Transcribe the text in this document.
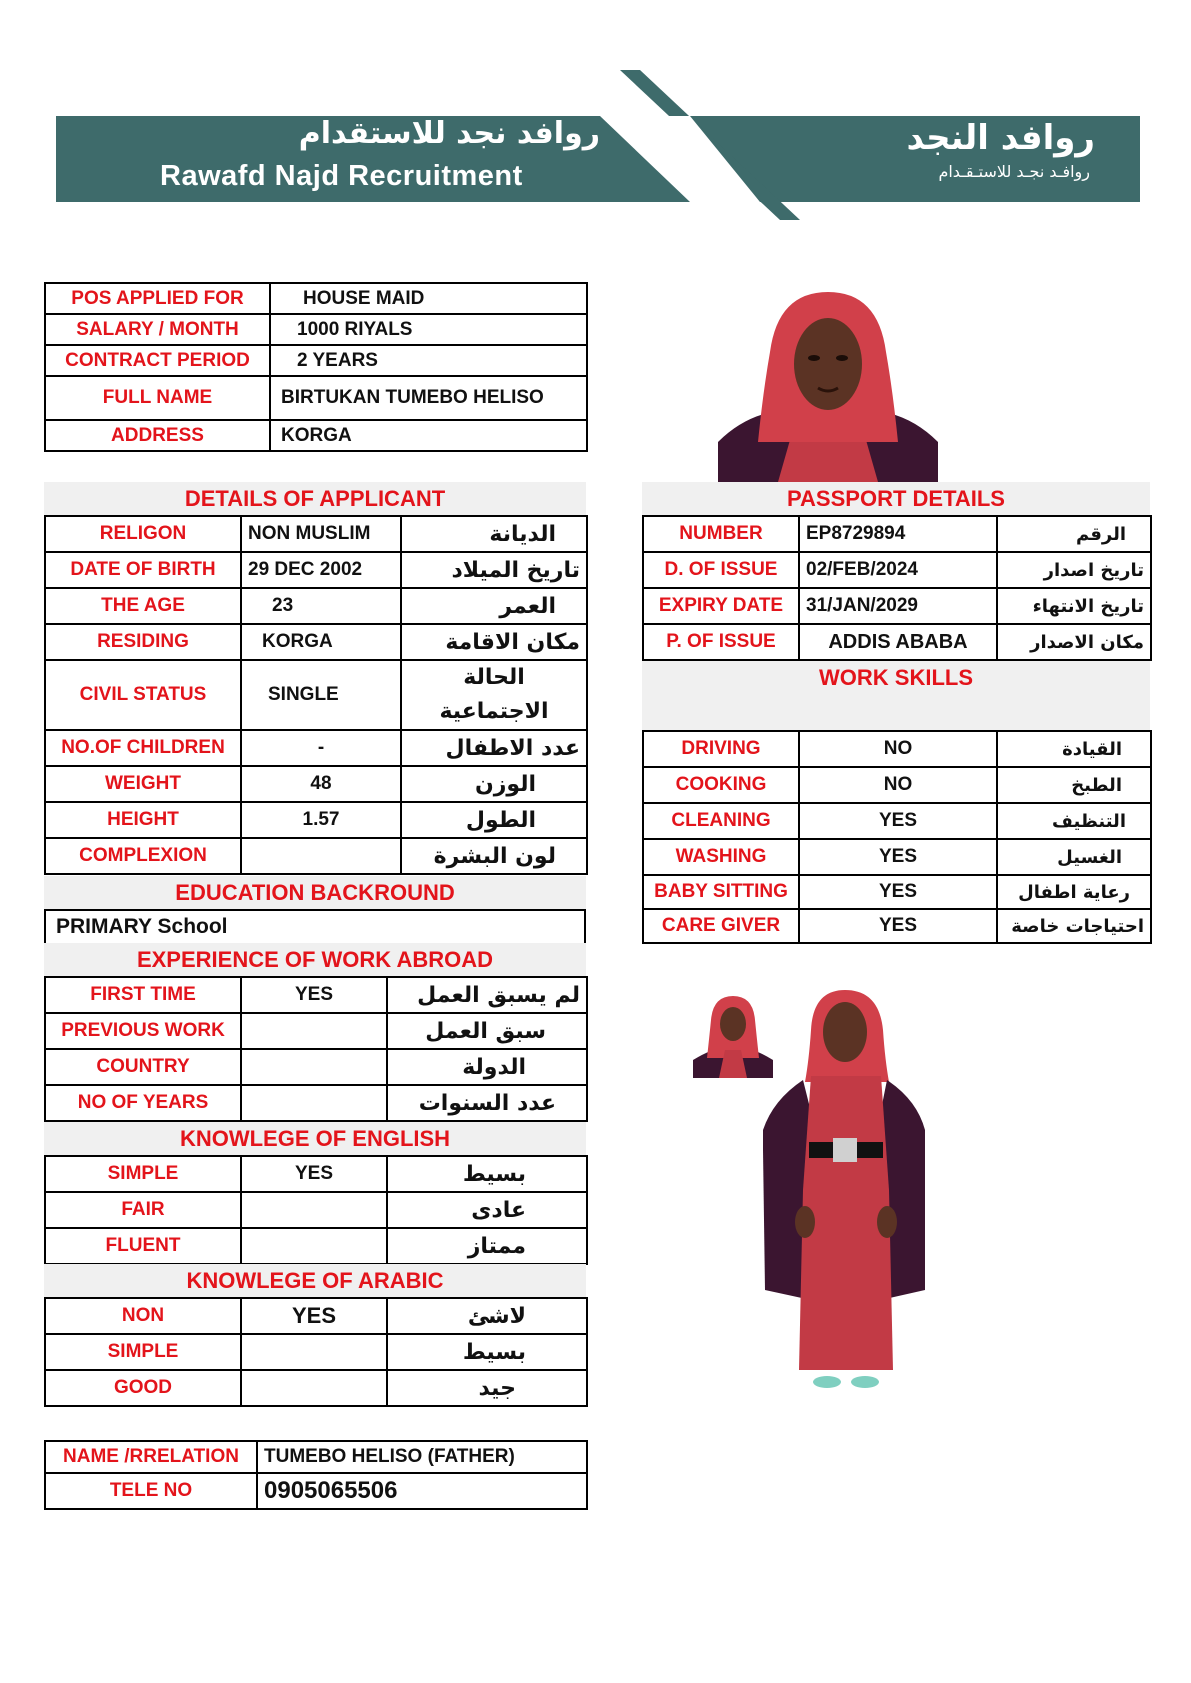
روافد نجد للاستقدام
Rawafd Najd Recruitment
روافد النجد
روافـد نجـد للاستـقـدام
POS APPLIED FOR	HOUSE MAID
SALARY / MONTH	1000 RIYALS
CONTRACT PERIOD	2 YEARS
FULL NAME	BIRTUKAN TUMEBO HELISO
ADDRESS	KORGA
DETAILS OF APPLICANT
RELIGON	NON MUSLIM	الديانة
DATE OF BIRTH	29 DEC 2002	تاريخ الميلاد
THE AGE	23	العمر
RESIDING	KORGA	مكان الاقامة
CIVIL STATUS	SINGLE	الحالة الاجتماعية
NO.OF CHILDREN	-	عدد الاطفال
WEIGHT	48	الوزن
HEIGHT	1.57	الطول
COMPLEXION		لون البشرة
EDUCATION BACKROUND
PRIMARY School
EXPERIENCE OF WORK ABROAD
FIRST TIME	YES	لم يسبق العمل
PREVIOUS WORK		سبق العمل
COUNTRY		الدولة
NO OF YEARS		عدد السنوات
KNOWLEGE OF ENGLISH
SIMPLE	YES	بسيط
FAIR		عادى
FLUENT		ممتاز
KNOWLEGE OF ARABIC
NON	YES	لاشئ
SIMPLE		بسيط
GOOD		جيد
NAME /RRELATION	TUMEBO HELISO (FATHER)
TELE NO	0905065506
PASSPORT DETAILS
NUMBER	EP8729894	الرقم
D. OF ISSUE	02/FEB/2024	تاريخ اصدار
EXPIRY DATE	31/JAN/2029	تاريخ الانتهاء
P. OF ISSUE	ADDIS ABABA	مكان الاصدار
WORK SKILLS
DRIVING	NO	القيادة
COOKING	NO	الطبخ
CLEANING	YES	التنظيف
WASHING	YES	الغسيل
BABY SITTING	YES	رعاية اطفال
CARE GIVER	YES	احتياجات خاصة
